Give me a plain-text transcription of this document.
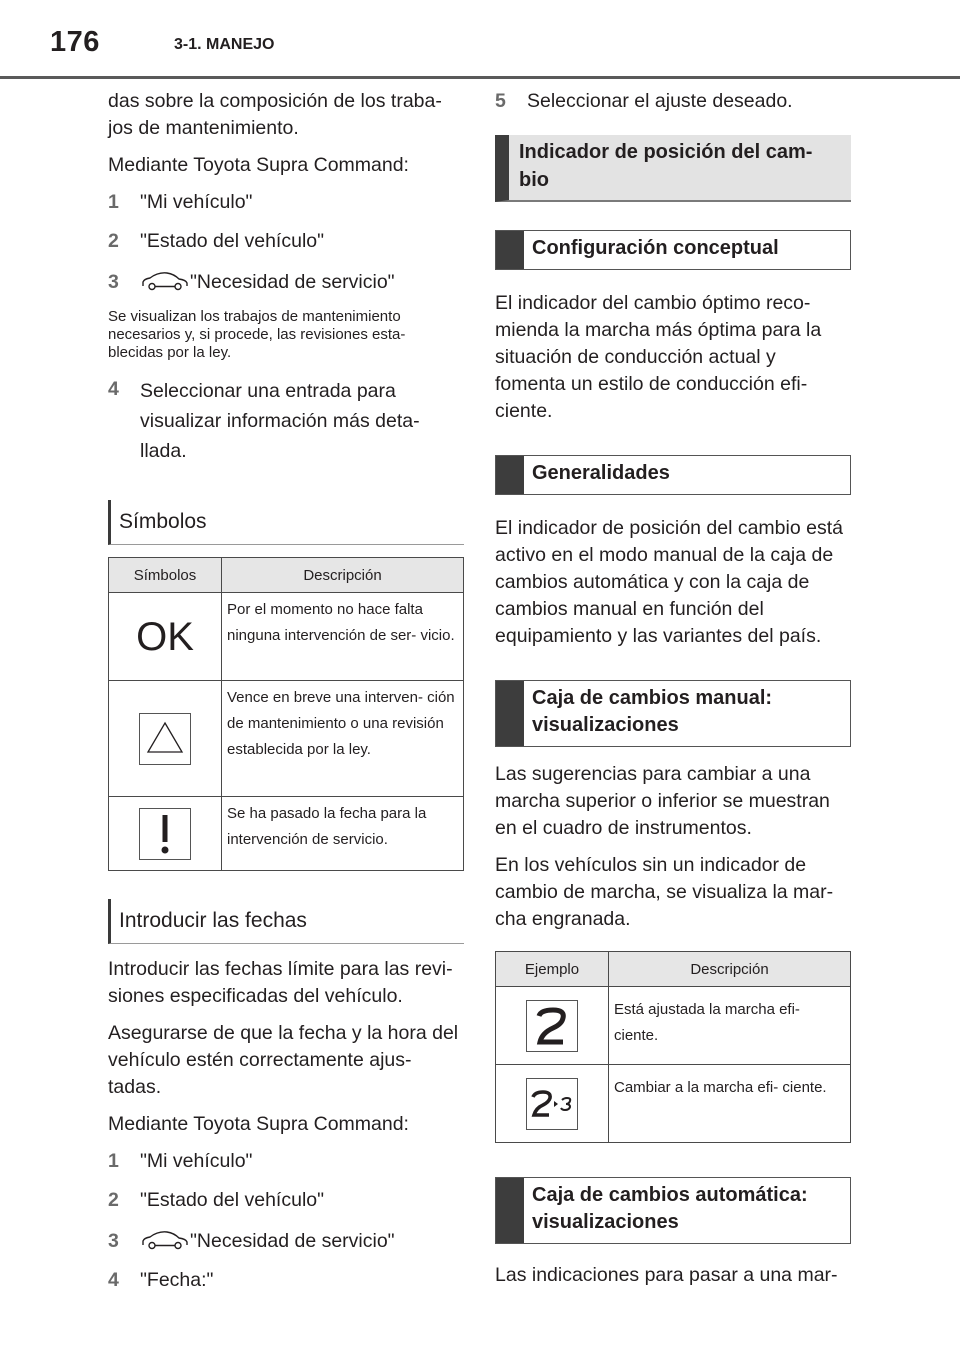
176	3-1. MANEJO

das sobre la composición de los traba- jos de mantenimiento.

Mediante Toyota Supra Command:

1	"Mi vehículo"
2	"Estado del vehículo"
3	"Necesidad de servicio"

Se visualizan los trabajos de mantenimiento necesarios y, si procede, las revisiones esta- blecidas por la ley.

4	Seleccionar una entrada para visualizar información más deta- llada.
Símbolos
Símbolos	Descripción
OK	Por el momento no hace falta ninguna intervención de ser- vicio.
	Vence en breve una interven- ción de mantenimiento o una revisión establecida por la ley.
	Se ha pasado la fecha para la intervención de servicio.
Introducir las fechas

Introducir las fechas límite para las revi- siones especificadas del vehículo.

Asegurarse de que la fecha y la hora del vehículo estén correctamente ajus- tadas.

Mediante Toyota Supra Command:

1	"Mi vehículo"
2	"Estado del vehículo"
3	"Necesidad de servicio"
4	"Fecha:"
5	Seleccionar el ajuste deseado.
Indicador de posición del cam- bio
Configuración conceptual

El indicador del cambio óptimo reco- mienda la marcha más óptima para la situación de conducción actual y fomenta un estilo de conducción efi- ciente.

Generalidades

El indicador de posición del cambio está activo en el modo manual de la caja de cambios automática y con la caja de cambios manual en función del equipamiento y las variantes del país.

Caja de cambios manual: visualizaciones

Las sugerencias para cambiar a una marcha superior o inferior se muestran en el cuadro de instrumentos.

En los vehículos sin un indicador de cambio de marcha, se visualiza la mar- cha engranada.

Ejemplo	Descripción
	Está ajustada la marcha efi- ciente.
	Cambiar a la marcha efi- ciente.
Caja de cambios automática: visualizaciones

Las indicaciones para pasar a una mar-
